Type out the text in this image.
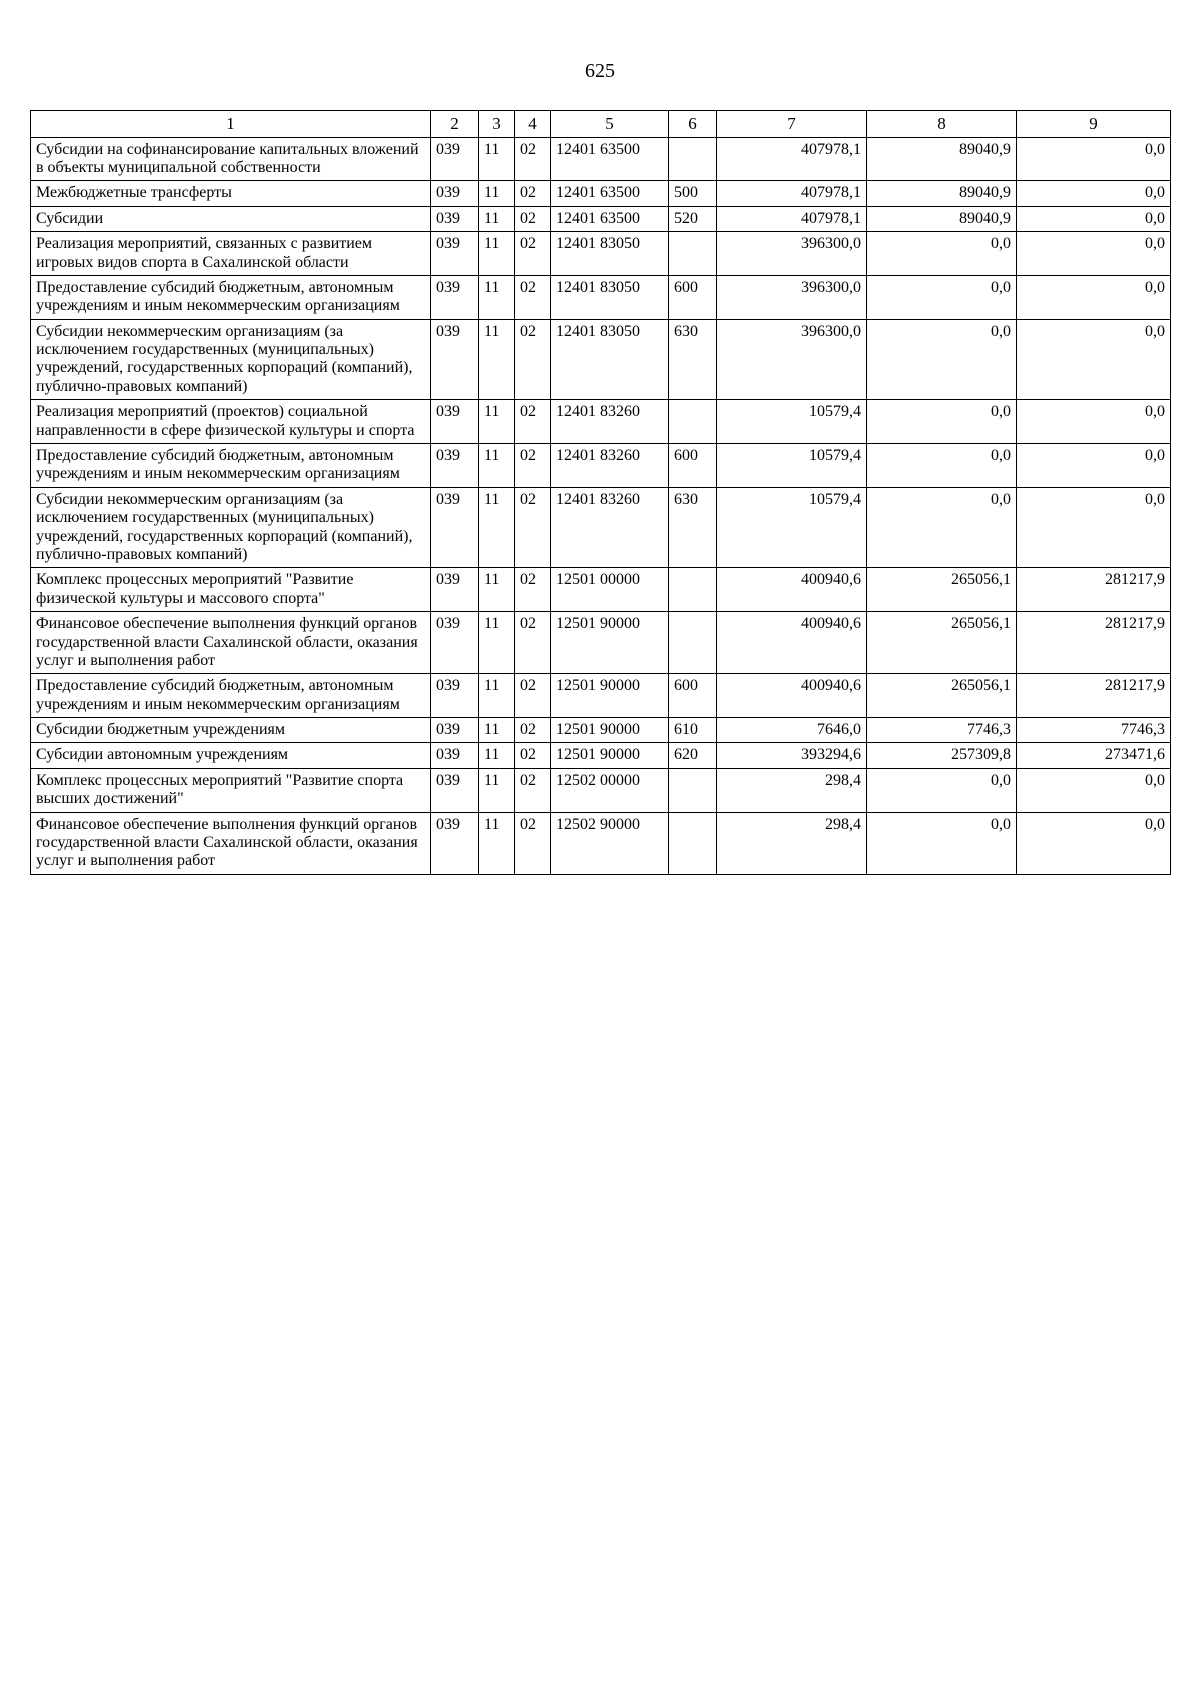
625
1	2	3	4	5	6	7	8	9
Субсидии на софинансирование капитальных вложений в объекты муниципальной собственности	039	11	02	12401 63500		407978,1	89040,9	0,0
Межбюджетные трансферты	039	11	02	12401 63500	500	407978,1	89040,9	0,0
Субсидии	039	11	02	12401 63500	520	407978,1	89040,9	0,0
Реализация мероприятий, связанных с развитием игровых видов спорта в Сахалинской области	039	11	02	12401 83050		396300,0	0,0	0,0
Предоставление субсидий бюджетным, автономным учреждениям и иным некоммерческим организациям	039	11	02	12401 83050	600	396300,0	0,0	0,0
Субсидии некоммерческим организациям (за исключением государственных (муниципальных) учреждений, государственных корпораций (компаний), публично-правовых компаний)	039	11	02	12401 83050	630	396300,0	0,0	0,0
Реализация мероприятий (проектов) социальной направленности в сфере физической культуры и спорта	039	11	02	12401 83260		10579,4	0,0	0,0
Предоставление субсидий бюджетным, автономным учреждениям и иным некоммерческим организациям	039	11	02	12401 83260	600	10579,4	0,0	0,0
Субсидии некоммерческим организациям (за исключением государственных (муниципальных) учреждений, государственных корпораций (компаний), публично-правовых компаний)	039	11	02	12401 83260	630	10579,4	0,0	0,0
Комплекс процессных мероприятий "Развитие физической культуры и массового спорта"	039	11	02	12501 00000		400940,6	265056,1	281217,9
Финансовое обеспечение выполнения функций органов государственной власти Сахалинской области, оказания услуг и выполнения работ	039	11	02	12501 90000		400940,6	265056,1	281217,9
Предоставление субсидий бюджетным, автономным учреждениям и иным некоммерческим организациям	039	11	02	12501 90000	600	400940,6	265056,1	281217,9
Субсидии бюджетным учреждениям	039	11	02	12501 90000	610	7646,0	7746,3	7746,3
Субсидии автономным учреждениям	039	11	02	12501 90000	620	393294,6	257309,8	273471,6
Комплекс процессных мероприятий "Развитие спорта высших достижений"	039	11	02	12502 00000		298,4	0,0	0,0
Финансовое обеспечение выполнения функций органов государственной власти Сахалинской области, оказания услуг и выполнения работ	039	11	02	12502 90000		298,4	0,0	0,0
